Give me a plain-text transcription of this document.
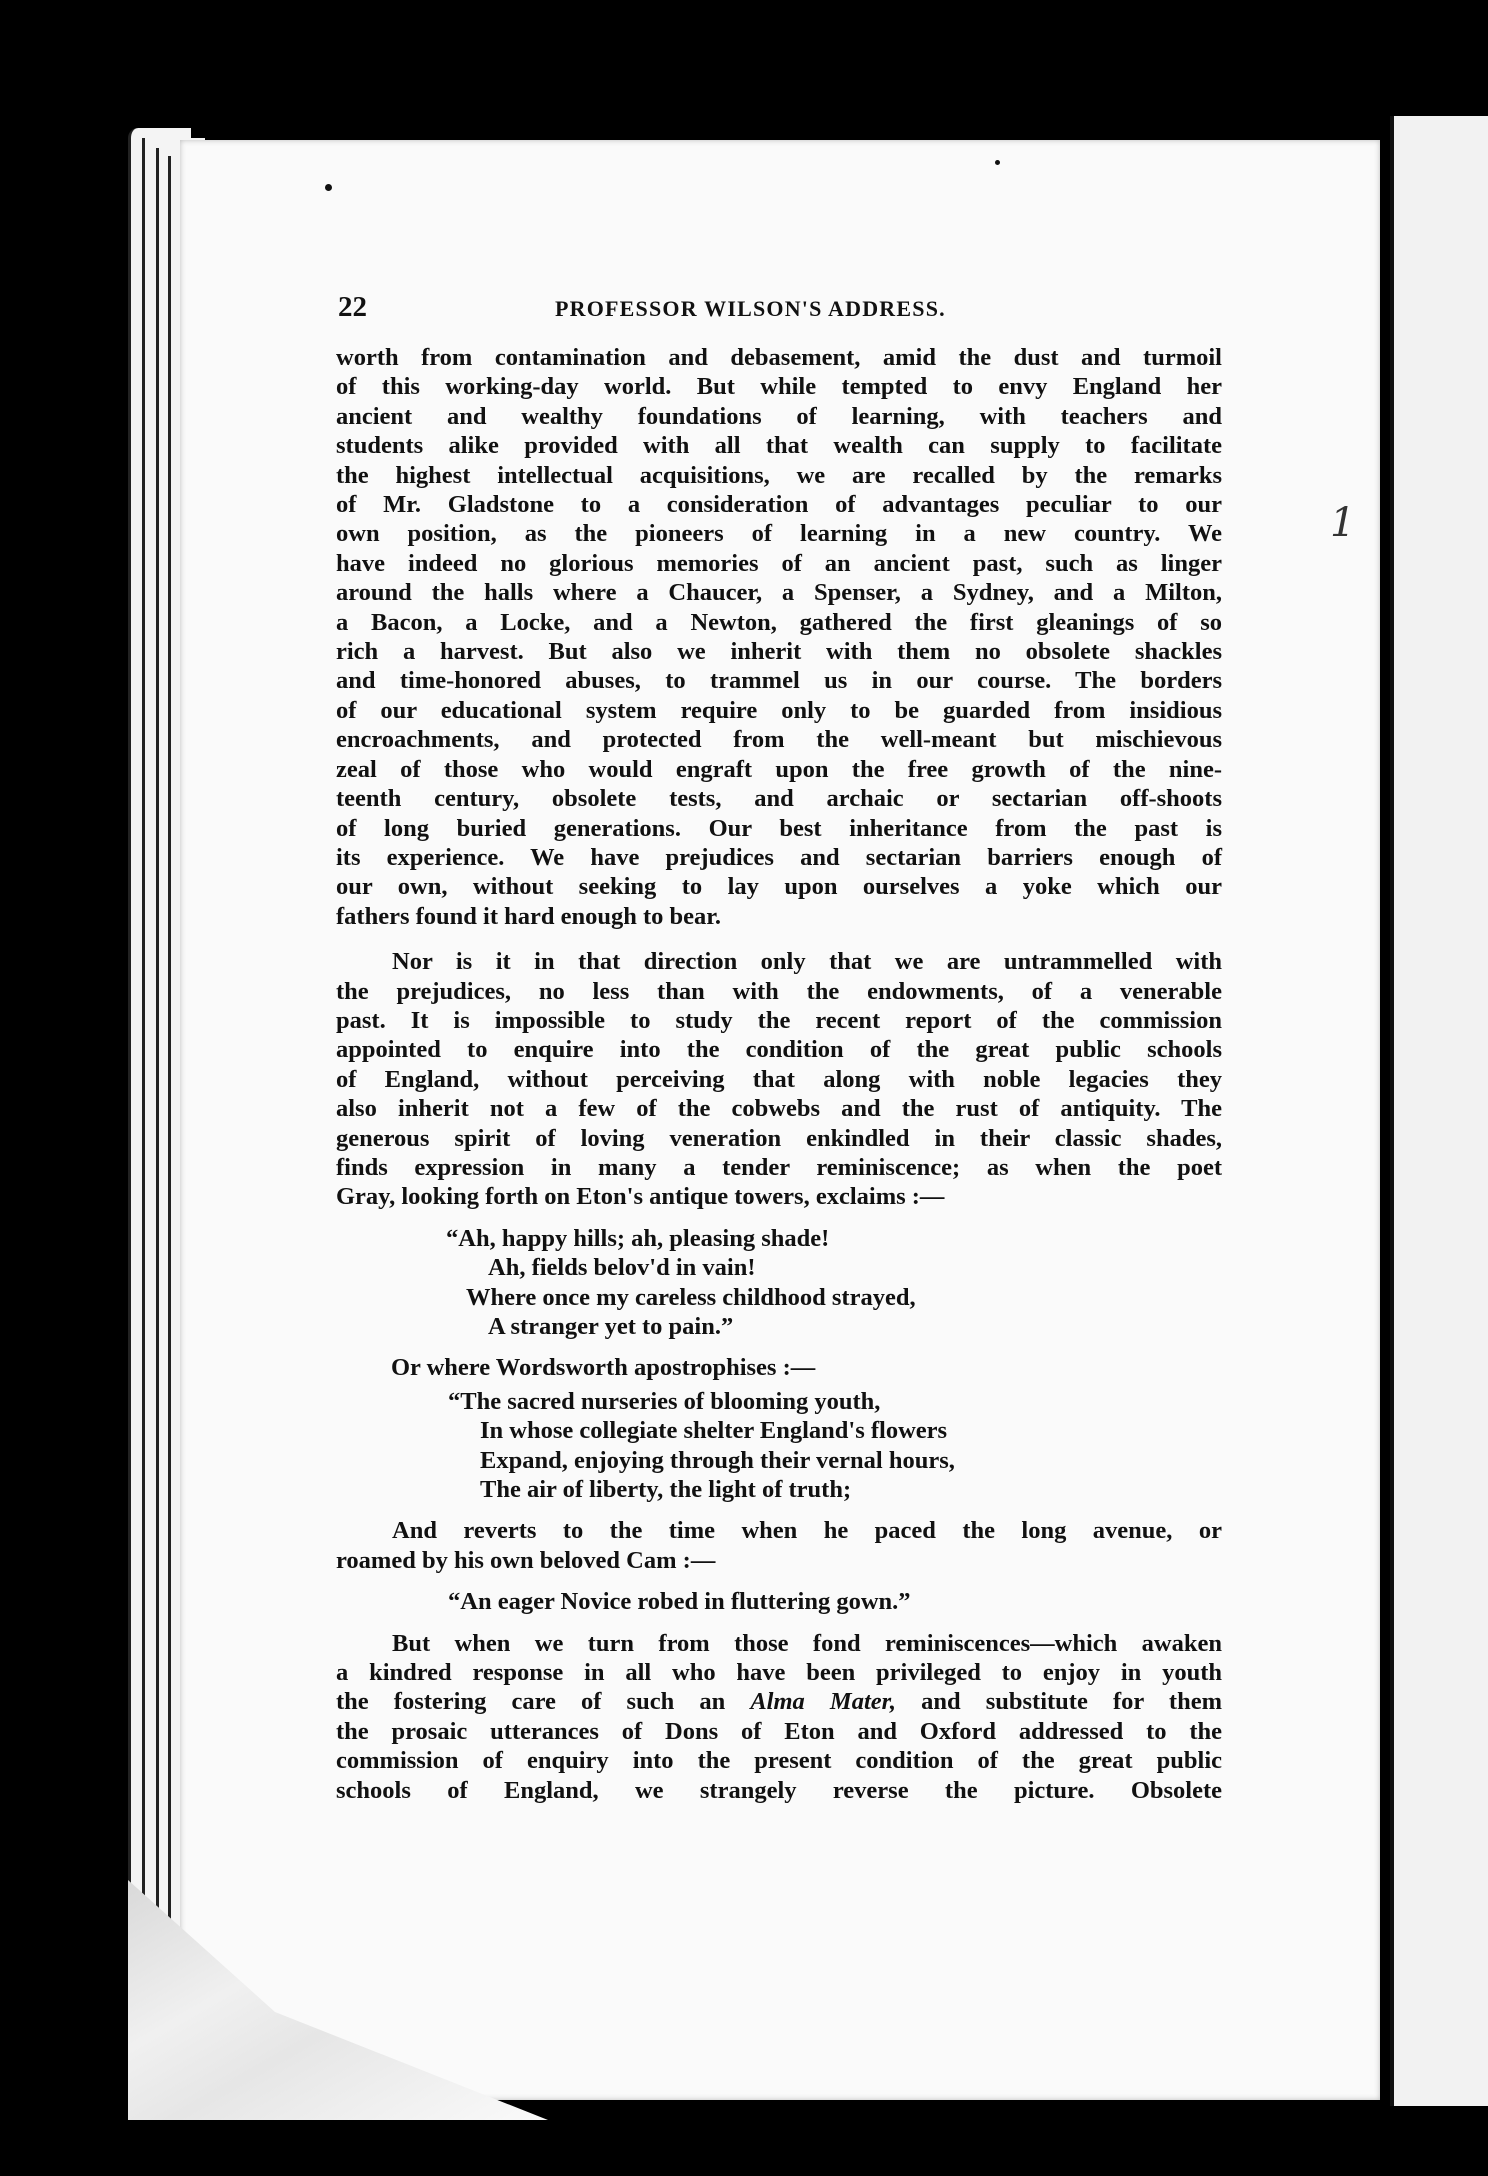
1
22	PROFESSOR WILSON'S ADDRESS.
worth from contamination and debasement, amid the dust and turmoil
of this working-day world. But while tempted to envy England her
ancient and wealthy foundations of learning, with teachers and
students alike provided with all that wealth can supply to facilitate
the highest intellectual acquisitions, we are recalled by the remarks
of Mr. Gladstone to a consideration of advantages peculiar to our
own position, as the pioneers of learning in a new country. We
have indeed no glorious memories of an ancient past, such as linger
around the halls where a Chaucer, a Spenser, a Sydney, and a Milton,
a Bacon, a Locke, and a Newton, gathered the first gleanings of so
rich a harvest. But also we inherit with them no obsolete shackles
and time-honored abuses, to trammel us in our course. The borders
of our educational system require only to be guarded from insidious
encroachments, and protected from the well-meant but mischievous
zeal of those who would engraft upon the free growth of the nine-
teenth century, obsolete tests, and archaic or sectarian off-shoots
of long buried generations. Our best inheritance from the past is
its experience. We have prejudices and sectarian barriers enough of
our own, without seeking to lay upon ourselves a yoke which our
fathers found it hard enough to bear.
Nor is it in that direction only that we are untrammelled with
the prejudices, no less than with the endowments, of a venerable
past. It is impossible to study the recent report of the commission
appointed to enquire into the condition of the great public schools
of England, without perceiving that along with noble legacies they
also inherit not a few of the cobwebs and the rust of antiquity. The
generous spirit of loving veneration enkindled in their classic shades,
finds expression in many a tender reminiscence; as when the poet
Gray, looking forth on Eton's antique towers, exclaims :—
“Ah, happy hills; ah, pleasing shade!
Ah, fields belov'd in vain!
Where once my careless childhood strayed,
A stranger yet to pain.”
Or where Wordsworth apostrophises :—
“The sacred nurseries of blooming youth,
In whose collegiate shelter England's flowers
Expand, enjoying through their vernal hours,
The air of liberty, the light of truth;
And reverts to the time when he paced the long avenue, or
roamed by his own beloved Cam :—
“An eager Novice robed in fluttering gown.”
But when we turn from those fond reminiscences—which awaken
a kindred response in all who have been privileged to enjoy in youth
the fostering care of such an Alma Mater, and substitute for them
the prosaic utterances of Dons of Eton and Oxford addressed to the
commission of enquiry into the present condition of the great public
schools of England, we strangely reverse the picture. Obsolete
